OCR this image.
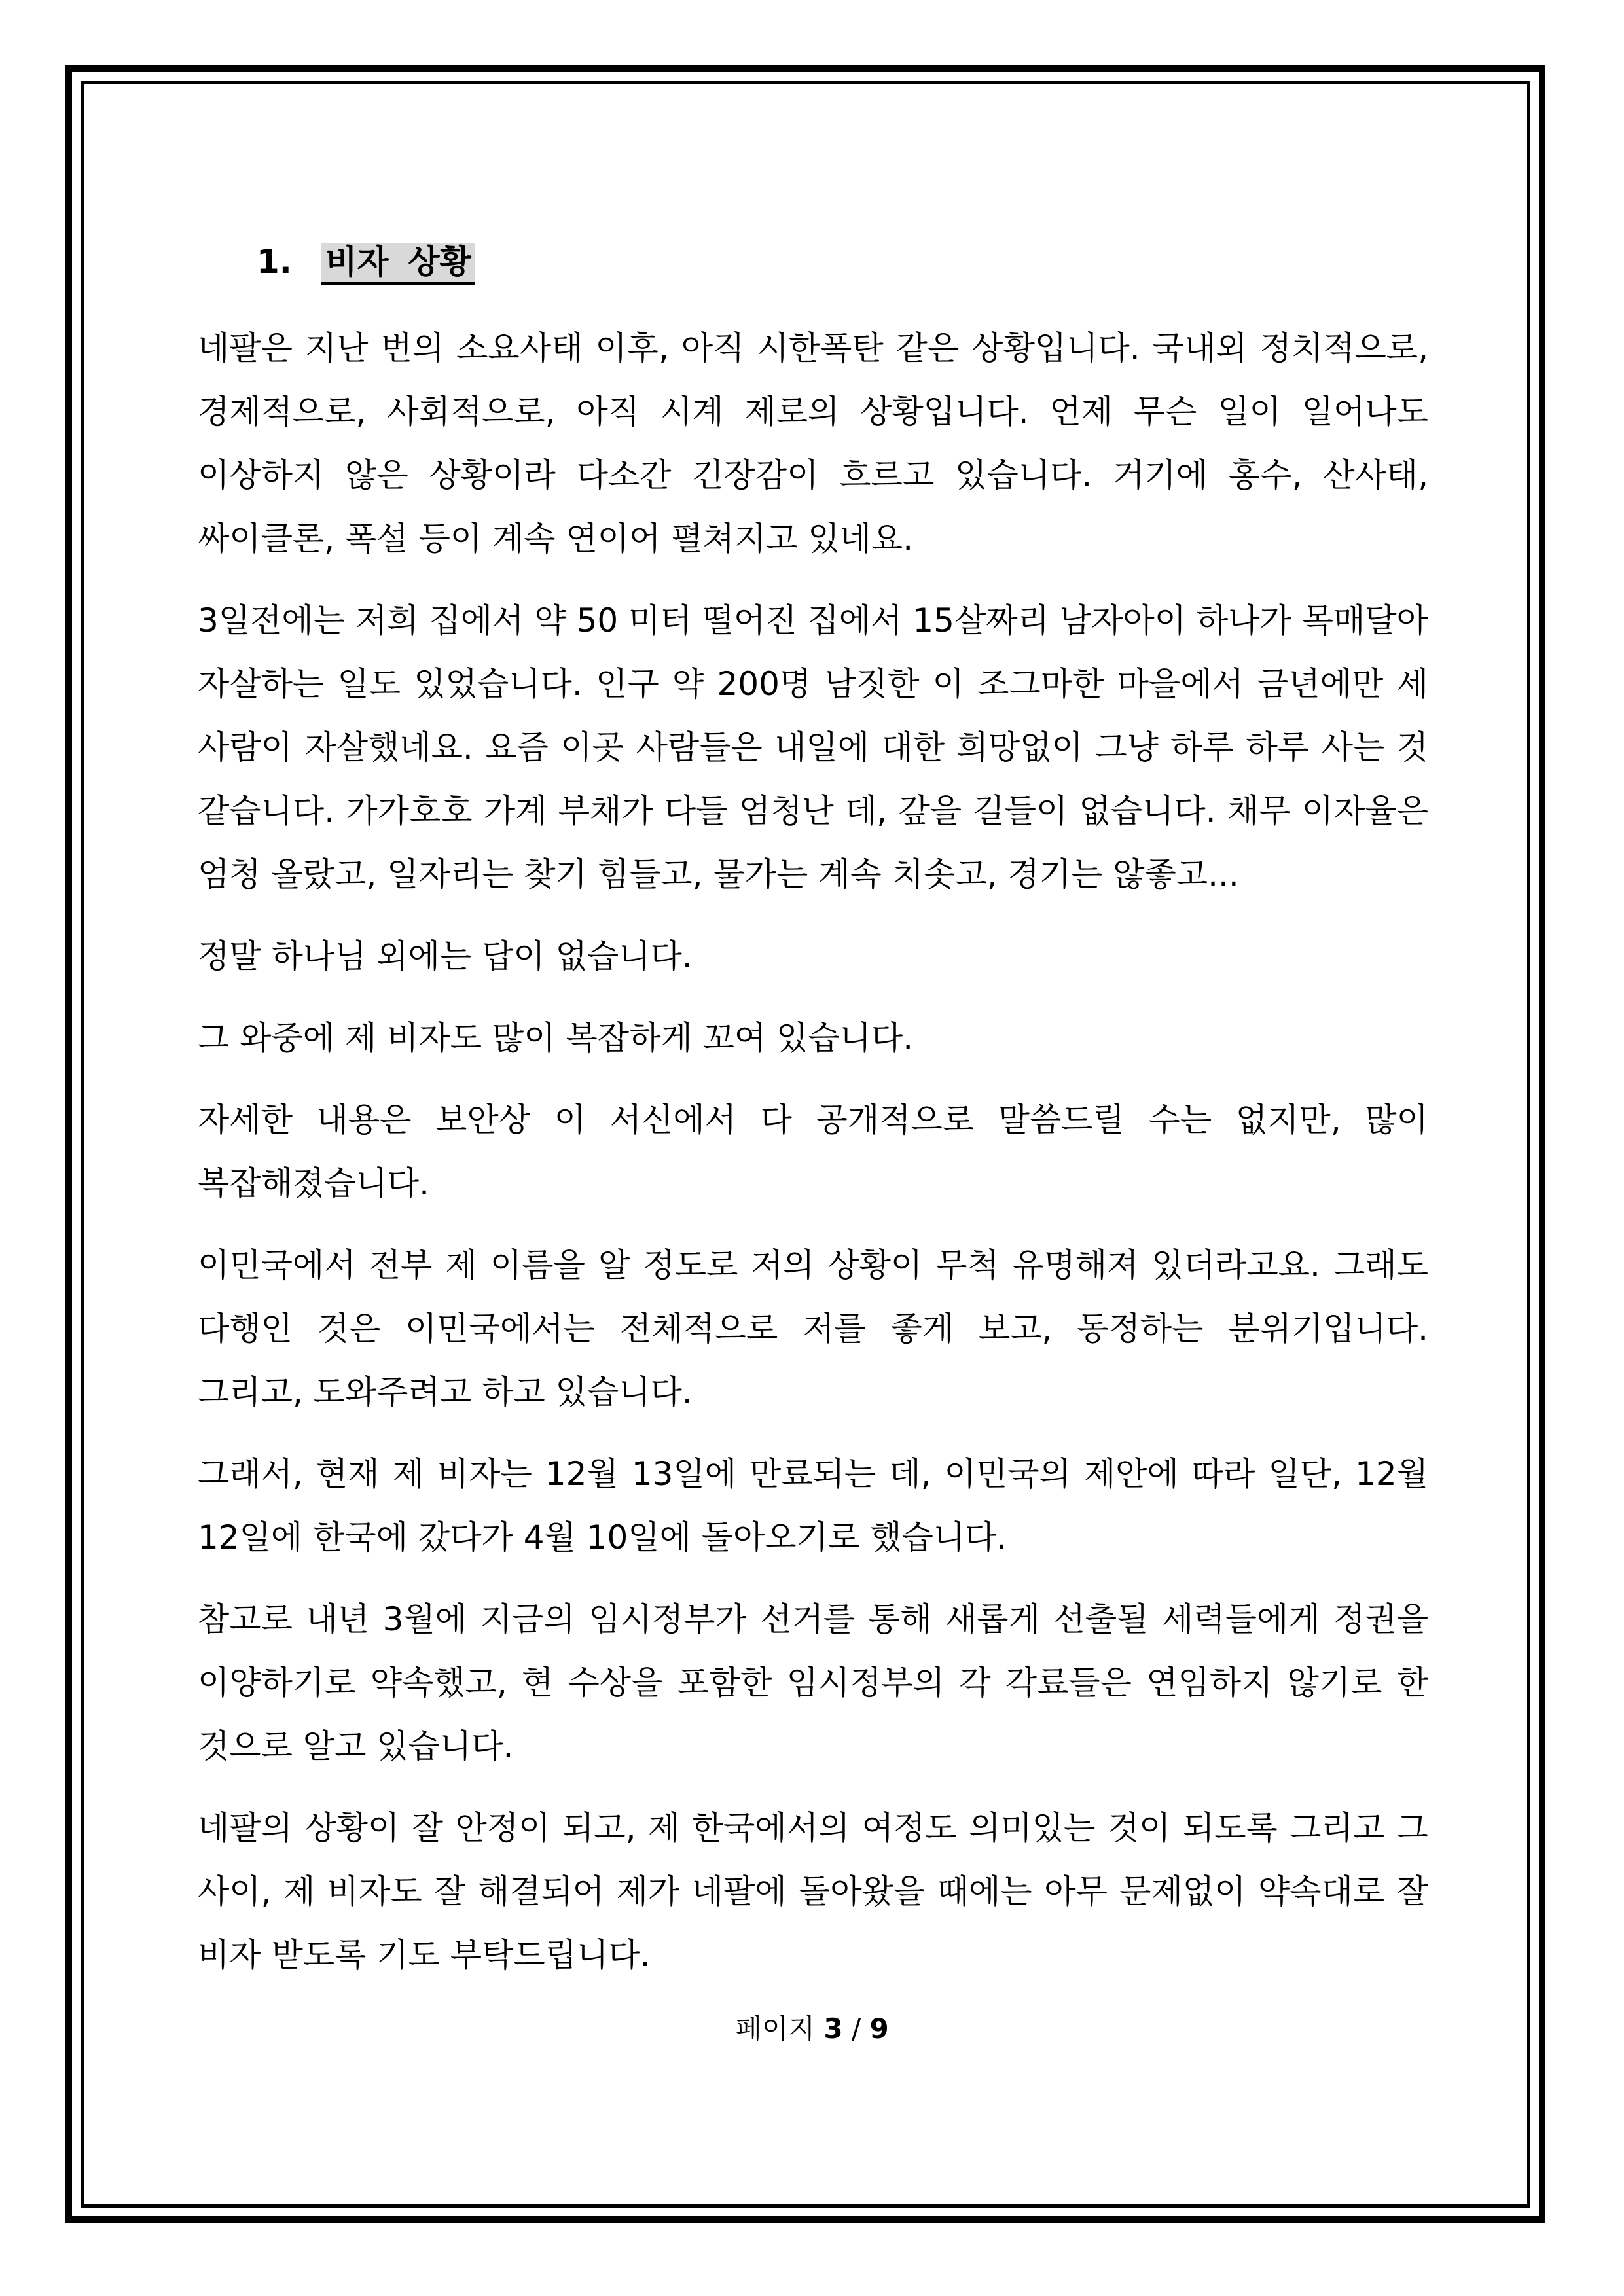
1. 비자 상황

네팔은 지난 번의 소요사태 이후, 아직 시한폭탄 같은 상황입니다. 국내외 정치적으로, 경제적으로, 사회적으로, 아직 시계 제로의 상황입니다. 언제 무슨 일이 일어나도 이상하지 않은 상황이라 다소간 긴장감이 흐르고 있습니다. 거기에 홍수, 산사태, 싸이클론, 폭설 등이 계속 연이어 펼쳐지고 있네요.

3일전에는 저희 집에서 약 50 미터 떨어진 집에서 15살짜리 남자아이 하나가 목매달아 자살하는 일도 있었습니다. 인구 약 200명 남짓한 이 조그마한 마을에서 금년에만 세 사람이 자살했네요. 요즘 이곳 사람들은 내일에 대한 희망없이 그냥 하루 하루 사는 것 같습니다. 가가호호 가계 부채가 다들 엄청난 데, 갚을 길들이 없습니다. 채무 이자율은 엄청 올랐고, 일자리는 찾기 힘들고, 물가는 계속 치솟고, 경기는 않좋고...

정말 하나님 외에는 답이 없습니다.

그 와중에 제 비자도 많이 복잡하게 꼬여 있습니다.

자세한 내용은 보안상 이 서신에서 다 공개적으로 말씀드릴 수는 없지만, 많이 복잡해졌습니다.

이민국에서 전부 제 이름을 알 정도로 저의 상황이 무척 유명해져 있더라고요. 그래도 다행인 것은 이민국에서는 전체적으로 저를 좋게 보고, 동정하는 분위기입니다. 그리고, 도와주려고 하고 있습니다.

그래서, 현재 제 비자는 12월 13일에 만료되는 데, 이민국의 제안에 따라 일단, 12월 12일에 한국에 갔다가 4월 10일에 돌아오기로 했습니다.

참고로 내년 3월에 지금의 임시정부가 선거를 통해 새롭게 선출될 세력들에게 정권을 이양하기로 약속했고, 현 수상을 포함한 임시정부의 각 각료들은 연임하지 않기로 한 것으로 알고 있습니다.

네팔의 상황이 잘 안정이 되고, 제 한국에서의 여정도 의미있는 것이 되도록 그리고 그 사이, 제 비자도 잘 해결되어 제가 네팔에 돌아왔을 때에는 아무 문제없이 약속대로 잘 비자 받도록 기도 부탁드립니다.

페이지 3 / 9
